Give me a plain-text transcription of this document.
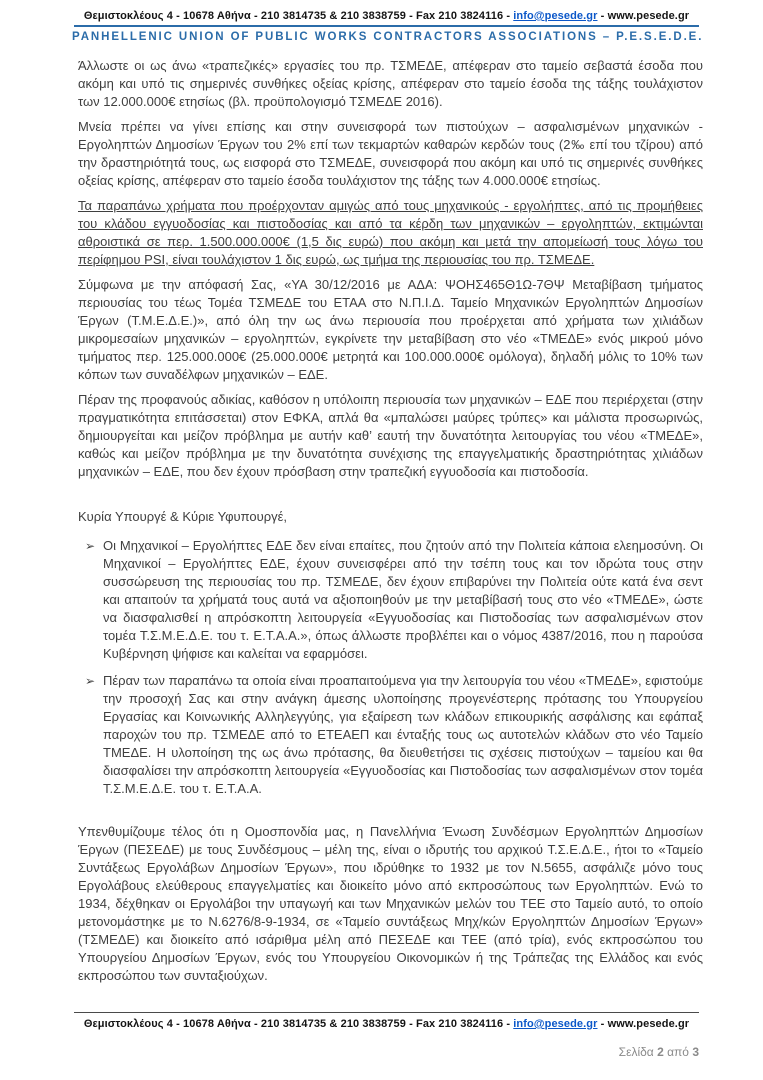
Θεμιστοκλέους 4 - 10678 Αθήνα - 210 3814735 & 210 3838759 - Fax 210 3824116 - info@pesede.gr - www.pesede.gr
PANHELLENIC UNION OF PUBLIC WORKS CONTRACTORS ASSOCIATIONS – P.E.S.E.D.E.

Άλλωστε οι ως άνω «τραπεζικές» εργασίες του πρ. ΤΣΜΕΔΕ, απέφεραν στο ταμείο σεβαστά έσοδα που ακόμη και υπό τις σημερινές συνθήκες οξείας κρίσης, απέφεραν στο ταμείο έσοδα της τάξης τουλάχιστον των 12.000.000€ ετησίως (βλ. προϋπολογισμό ΤΣΜΕΔΕ 2016).

Μνεία πρέπει να γίνει επίσης και στην συνεισφορά των πιστούχων – ασφαλισμένων μηχανικών - Εργοληπτών Δημοσίων Έργων του 2% επί των τεκμαρτών καθαρών κερδών τους (2‰ επί του τζίρου) από την δραστηριότητά τους, ως εισφορά στο ΤΣΜΕΔΕ, συνεισφορά που ακόμη και υπό τις σημερινές συνθήκες οξείας κρίσης, απέφεραν στο ταμείο έσοδα τουλάχιστον της τάξης των 4.000.000€ ετησίως.

Τα παραπάνω χρήματα που προέρχονταν αμιγώς από τους μηχανικούς - εργολήπτες, από τις προμήθειες του κλάδου εγγυοδοσίας και πιστοδοσίας και από τα κέρδη των μηχανικών – εργοληπτών, εκτιμώνται αθροιστικά σε περ. 1.500.000.000€ (1,5 δις ευρώ) που ακόμη και μετά την απομείωσή τους λόγω του περίφημου PSI, είναι τουλάχιστον 1 δις ευρώ, ως τμήμα της περιουσίας του πρ. ΤΣΜΕΔΕ.

Σύμφωνα με την απόφασή Σας, «ΥΑ 30/12/2016 με ΑΔΑ: ΨΟΗΣ465Θ1Ω-7ΘΨ Μεταβίβαση τμήματος περιουσίας του τέως Τομέα ΤΣΜΕΔΕ του ΕΤΑΑ στο Ν.Π.Ι.Δ. Ταμείο Μηχανικών Εργοληπτών Δημοσίων Έργων (Τ.Μ.Ε.Δ.Ε.)», από όλη την ως άνω περιουσία που προέρχεται από χρήματα των χιλιάδων μικρομεσαίων μηχανικών – εργοληπτών, εγκρίνετε την μεταβίβαση στο νέο «ΤΜΕΔΕ» ενός μικρού μόνο τμήματος περ. 125.000.000€ (25.000.000€ μετρητά και 100.000.000€ ομόλογα), δηλαδή μόλις το 10% των κόπων των συναδέλφων μηχανικών – ΕΔΕ.

Πέραν της προφανούς αδικίας, καθόσον η υπόλοιπη περιουσία των μηχανικών – ΕΔΕ που περιέρχεται (στην πραγματικότητα επιτάσσεται) στον ΕΦΚΑ, απλά θα «μπαλώσει μαύρες τρύπες» και μάλιστα προσωρινώς, δημιουργείται και μείζον πρόβλημα με αυτήν καθ’ εαυτή την δυνατότητα λειτουργίας του νέου «ΤΜΕΔΕ», καθώς και μείζον πρόβλημα με την δυνατότητα συνέχισης της επαγγελματικής δραστηριότητας χιλιάδων μηχανικών – ΕΔΕ, που δεν έχουν πρόσβαση στην τραπεζική εγγυοδοσία και πιστοδοσία.

Κυρία Υπουργέ & Κύριε Υφυπουργέ,

➢ Οι Μηχανικοί – Εργολήπτες ΕΔΕ δεν είναι επαίτες, που ζητούν από την Πολιτεία κάποια ελεημοσύνη. Οι Μηχανικοί – Εργολήπτες ΕΔΕ, έχουν συνεισφέρει από την τσέπη τους και τον ιδρώτα τους στην συσσώρευση της περιουσίας του πρ. ΤΣΜΕΔΕ, δεν έχουν επιβαρύνει την Πολιτεία ούτε κατά ένα σεντ και απαιτούν τα χρήματά τους αυτά να αξιοποιηθούν με την μεταβίβασή τους στο νέο «ΤΜΕΔΕ», ώστε να διασφαλισθεί η απρόσκοπτη λειτουργεία «Εγγυοδοσίας και Πιστοδοσίας των ασφαλισμένων στον τομέα Τ.Σ.Μ.Ε.Δ.Ε. του τ. Ε.Τ.Α.Α.», όπως άλλωστε προβλέπει και ο νόμος 4387/2016, που η παρούσα Κυβέρνηση ψήφισε και καλείται να εφαρμόσει.
➢ Πέραν των παραπάνω τα οποία είναι προαπαιτούμενα για την λειτουργία του νέου «ΤΜΕΔΕ», εφιστούμε την προσοχή Σας και στην ανάγκη άμεσης υλοποίησης προγενέστερης πρότασης του Υπουργείου Εργασίας και Κοινωνικής Αλληλεγγύης, για εξαίρεση των κλάδων επικουρικής ασφάλισης και εφάπαξ παροχών του πρ. ΤΣΜΕΔΕ από το ΕΤΕΑΕΠ και ένταξής τους ως αυτοτελών κλάδων στο νέο Ταμείο ΤΜΕΔΕ. Η υλοποίηση της ως άνω πρότασης, θα διευθετήσει τις σχέσεις πιστούχων – ταμείου και θα διασφαλίσει την απρόσκοπτη λειτουργεία «Εγγυοδοσίας και Πιστοδοσίας των ασφαλισμένων στον τομέα Τ.Σ.Μ.Ε.Δ.Ε. του τ. Ε.Τ.Α.Α.

Υπενθυμίζουμε τέλος ότι η Ομοσπονδία μας, η Πανελλήνια Ένωση Συνδέσμων Εργοληπτών Δημοσίων Έργων (ΠΕΣΕΔΕ) με τους Συνδέσμους – μέλη της, είναι ο ιδρυτής του αρχικού Τ.Σ.Ε.Δ.Ε., ήτοι το «Ταμείο Συντάξεως Εργολάβων Δημοσίων Έργων», που ιδρύθηκε το 1932 με τον Ν.5655, ασφάλιζε μόνο τους Εργολάβους ελεύθερους επαγγελματίες και διοικείτο μόνο από εκπροσώπους των Εργοληπτών. Ενώ το 1934, δέχθηκαν οι Εργολάβοι την υπαγωγή και των Μηχανικών μελών του ΤΕΕ στο Ταμείο αυτό, το οποίο μετονομάστηκε με το Ν.6276/8-9-1934, σε «Ταμείο συντάξεως Μηχ/κών Εργοληπτών Δημοσίων Έργων» (ΤΣΜΕΔΕ) και διοικείτο από ισάριθμα μέλη από ΠΕΣΕΔΕ και ΤΕΕ (από τρία), ενός εκπροσώπου του Υπουργείου Δημοσίων Έργων, ενός του Υπουργείου Οικονομικών ή της Τράπεζας της Ελλάδος και ενός εκπροσώπου των συνταξιούχων.

Θεμιστοκλέους 4 - 10678 Αθήνα - 210 3814735 & 210 3838759 - Fax 210 3824116 - info@pesede.gr - www.pesede.gr
Σελίδα 2 από 3
